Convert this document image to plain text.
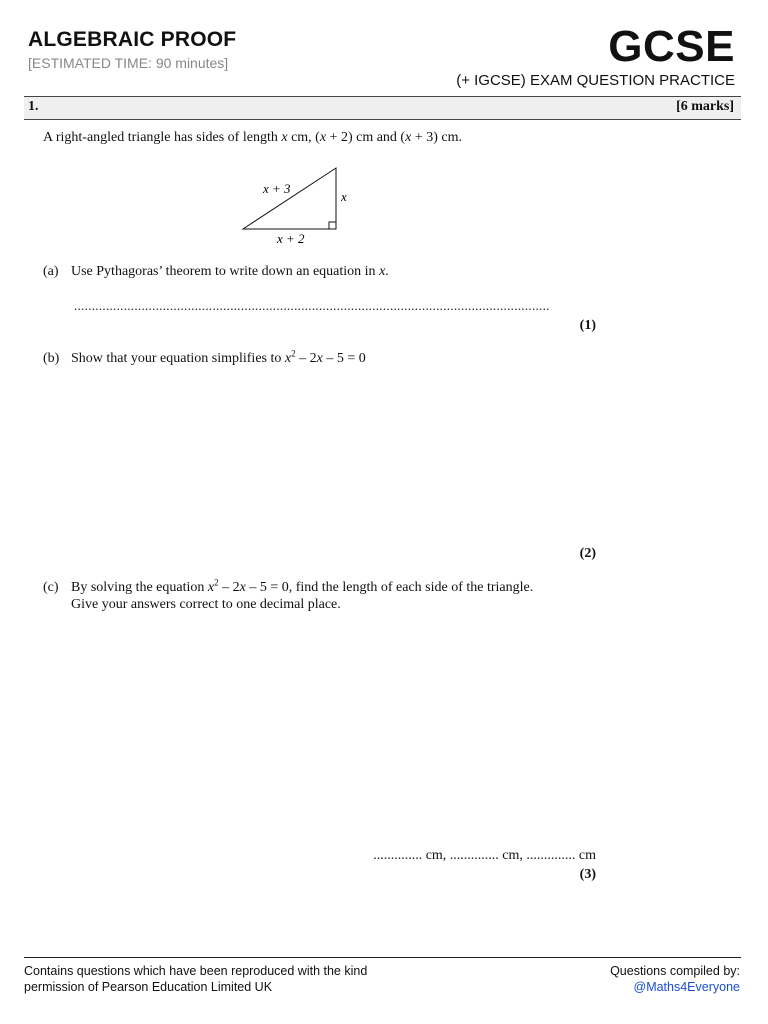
ALGEBRAIC PROOF
[ESTIMATED TIME: 90 minutes]	GCSE
(+ IGCSE) EXAM QUESTION PRACTICE
1.	[6 marks]
A right-angled triangle has sides of length x cm, (x + 2) cm and (x + 3) cm.
x + 3
x
x + 2
(a) Use Pythagoras’ theorem to write down an equation in x.
......................................................................................................................................
(1)
(b) Show that your equation simplifies to $x^2 - 2x - 5 = 0$
(2)
(c) By solving the equation $x^2 - 2x - 5 = 0$, find the length of each side of the triangle.
Give your answers correct to one decimal place.
.............. cm, .............. cm, .............. cm
(3)
Contains questions which have been reproduced with the kind
permission of Pearson Education Limited UK
Questions compiled by:
@Maths4Everyone
